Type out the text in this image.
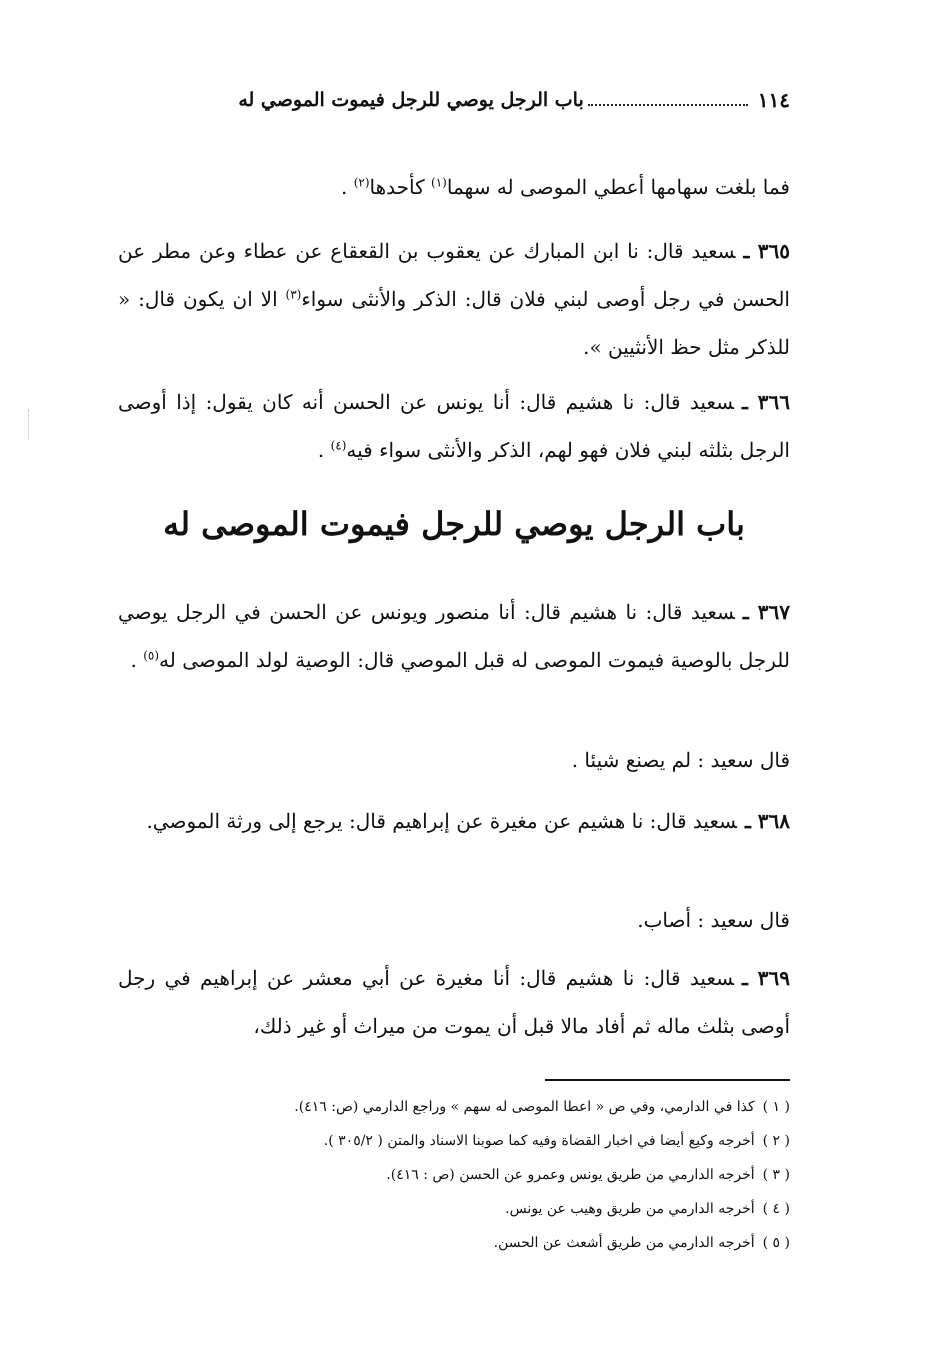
١١٤
باب الرجل يوصي للرجل فيموت الموصي له
فما بلغت سهامها أعطي الموصى له سهما$^{(١)}$ كأحدها$^{(٢)}$ .
٣٦٥ ـسعيد قال: نا ابن المبارك عن يعقوب بن القعقاع عن عطاء وعن مطر عن الحسن في رجل أوصى لبني فلان قال: الذكر والأنثى سواء$^{(٣)}$ الا ان يكون قال: « للذكر مثل حظ الأنثيين ».
٣٦٦ ـسعيد قال: نا هشيم قال: أنا يونس عن الحسن أنه كان يقول: إذا أوصى الرجل بثلثه لبني فلان فهو لهم، الذكر والأنثى سواء فيه$^{(٤)}$ .
باب الرجل يوصي للرجل فيموت الموصى له
٣٦٧ ـسعيد قال: نا هشيم قال: أنا منصور ويونس عن الحسن في الرجل يوصي للرجل بالوصية فيموت الموصى له قبل الموصي قال: الوصية لولد الموصى له$^{(٥)}$ .
قال سعيد : لم يصنع شيئا .
٣٦٨ ـسعيد قال: نا هشيم عن مغيرة عن إبراهيم قال: يرجع إلى ورثة الموصي.
قال سعيد : أصاب.
٣٦٩ ـسعيد قال: نا هشيم قال: أنا مغيرة عن أبي معشر عن إبراهيم في رجل أوصى بثلث ماله ثم أفاد مالا قبل أن يموت من ميراث أو غير ذلك،
( ١ )كذا في الدارمي، وفي ص « اعطا الموصى له سهم » وراجع الدارمي (ص: ٤١٦).
( ٢ )أخرجه وكيع أيضا في اخبار القضاة وفيه كما صوبنا الاسناد والمتن ( ٣٠٥/٢ ).
( ٣ )أخرجه الدارمي من طريق يونس وعمرو عن الحسن (ص : ٤١٦).
( ٤ )أخرجه الدارمي من طريق وهيب عن يونس.
( ٥ )أخرجه الدارمي من طريق أشعث عن الحسن.
